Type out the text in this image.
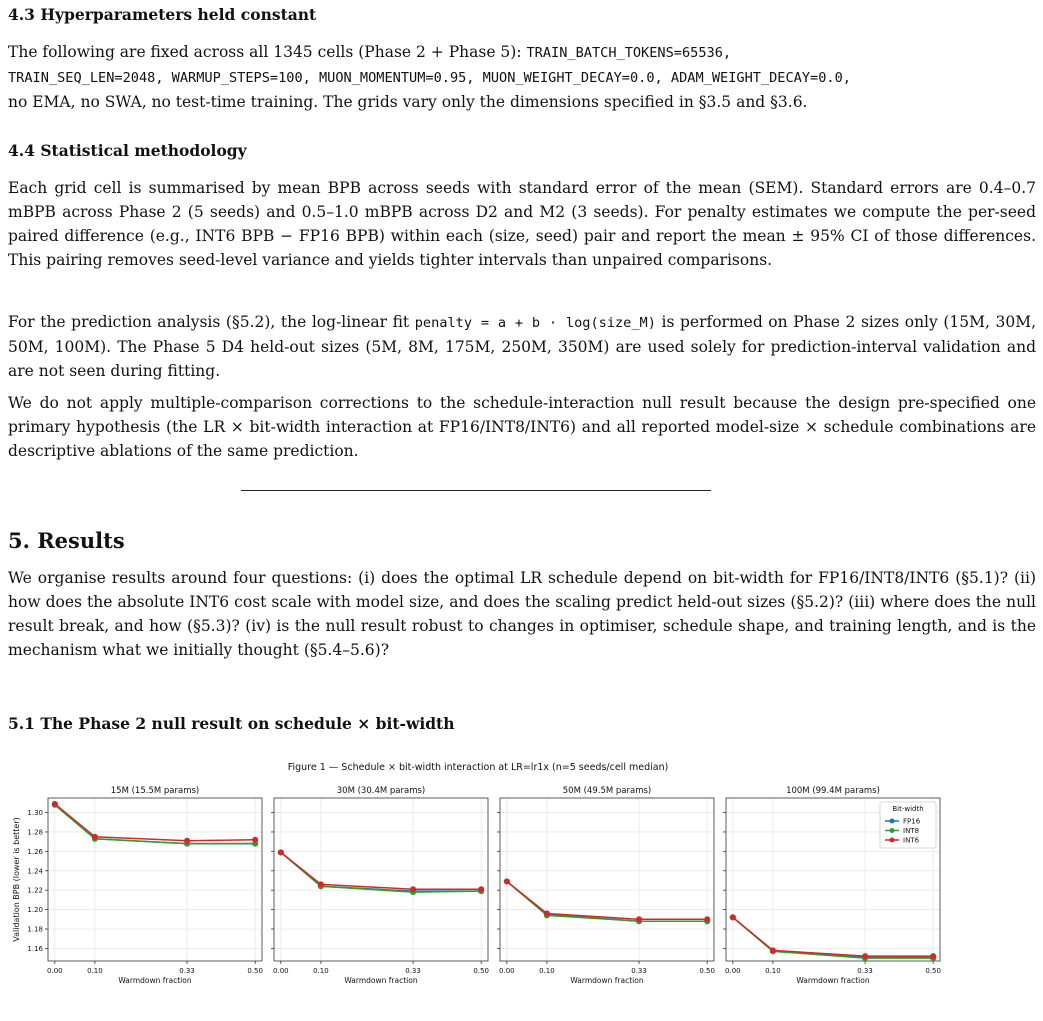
4.3 Hyperparameters held constant

The following are fixed across all 1345 cells (Phase 2 + Phase 5): TRAIN_BATCH_TOKENS=65536,
TRAIN_SEQ_LEN=2048, WARMUP_STEPS=100, MUON_MOMENTUM=0.95, MUON_WEIGHT_DECAY=0.0, ADAM_WEIGHT_DECAY=0.0,
no EMA, no SWA, no test-time training. The grids vary only the dimensions specified in §3.5 and §3.6.

4.4 Statistical methodology

Each grid cell is summarised by mean BPB across seeds with standard error of the mean (SEM). Standard errors are 0.4–0.7 mBPB across Phase 2 (5 seeds) and 0.5–1.0 mBPB across D2 and M2 (3 seeds). For penalty estimates we compute the per-seed paired difference (e.g., INT6 BPB − FP16 BPB) within each (size, seed) pair and report the mean ± 95% CI of those differences. This pairing removes seed-level variance and yields tighter intervals than unpaired comparisons.

For the prediction analysis (§5.2), the log-linear fit penalty = a + b · log(size_M) is performed on Phase 2 sizes only (15M, 30M, 50M, 100M). The Phase 5 D4 held-out sizes (5M, 8M, 175M, 250M, 350M) are used solely for prediction-interval validation and are not seen during fitting.

We do not apply multiple-comparison corrections to the schedule-interaction null result because the design pre-specified one primary hypothesis (the LR × bit-width interaction at FP16/INT8/INT6) and all reported model-size × schedule combinations are descriptive ablations of the same prediction.

5. Results

We organise results around four questions: (i) does the optimal LR schedule depend on bit-width for FP16/INT8/INT6 (§5.1)? (ii) how does the absolute INT6 cost scale with model size, and does the scaling predict held-out sizes (§5.2)? (iii) where does the null result break, and how (§5.3)? (iv) is the null result robust to changes in optimiser, schedule shape, and training length, and is the mechanism what we initially thought (§5.4–5.6)?

5.1 The Phase 2 null result on schedule × bit-width
Figure 1 — Schedule × bit-width interaction at LR=lr1x (n=5 seeds/cell median)
Validation BPB (lower is better)
15M (15.5M params)
1.16
1.18
1.20
1.22
1.24
1.26
1.28
1.30
0.00	0.10	0.33	0.50
Warmdown fraction
30M (30.4M params)
0.00	0.10	0.33	0.50
Warmdown fraction
50M (49.5M params)
0.00	0.10	0.33	0.50
Warmdown fraction
100M (99.4M params)
0.00	0.10	0.33	0.50
Warmdown fraction
Bit-width
FP16
INT8
INT6
